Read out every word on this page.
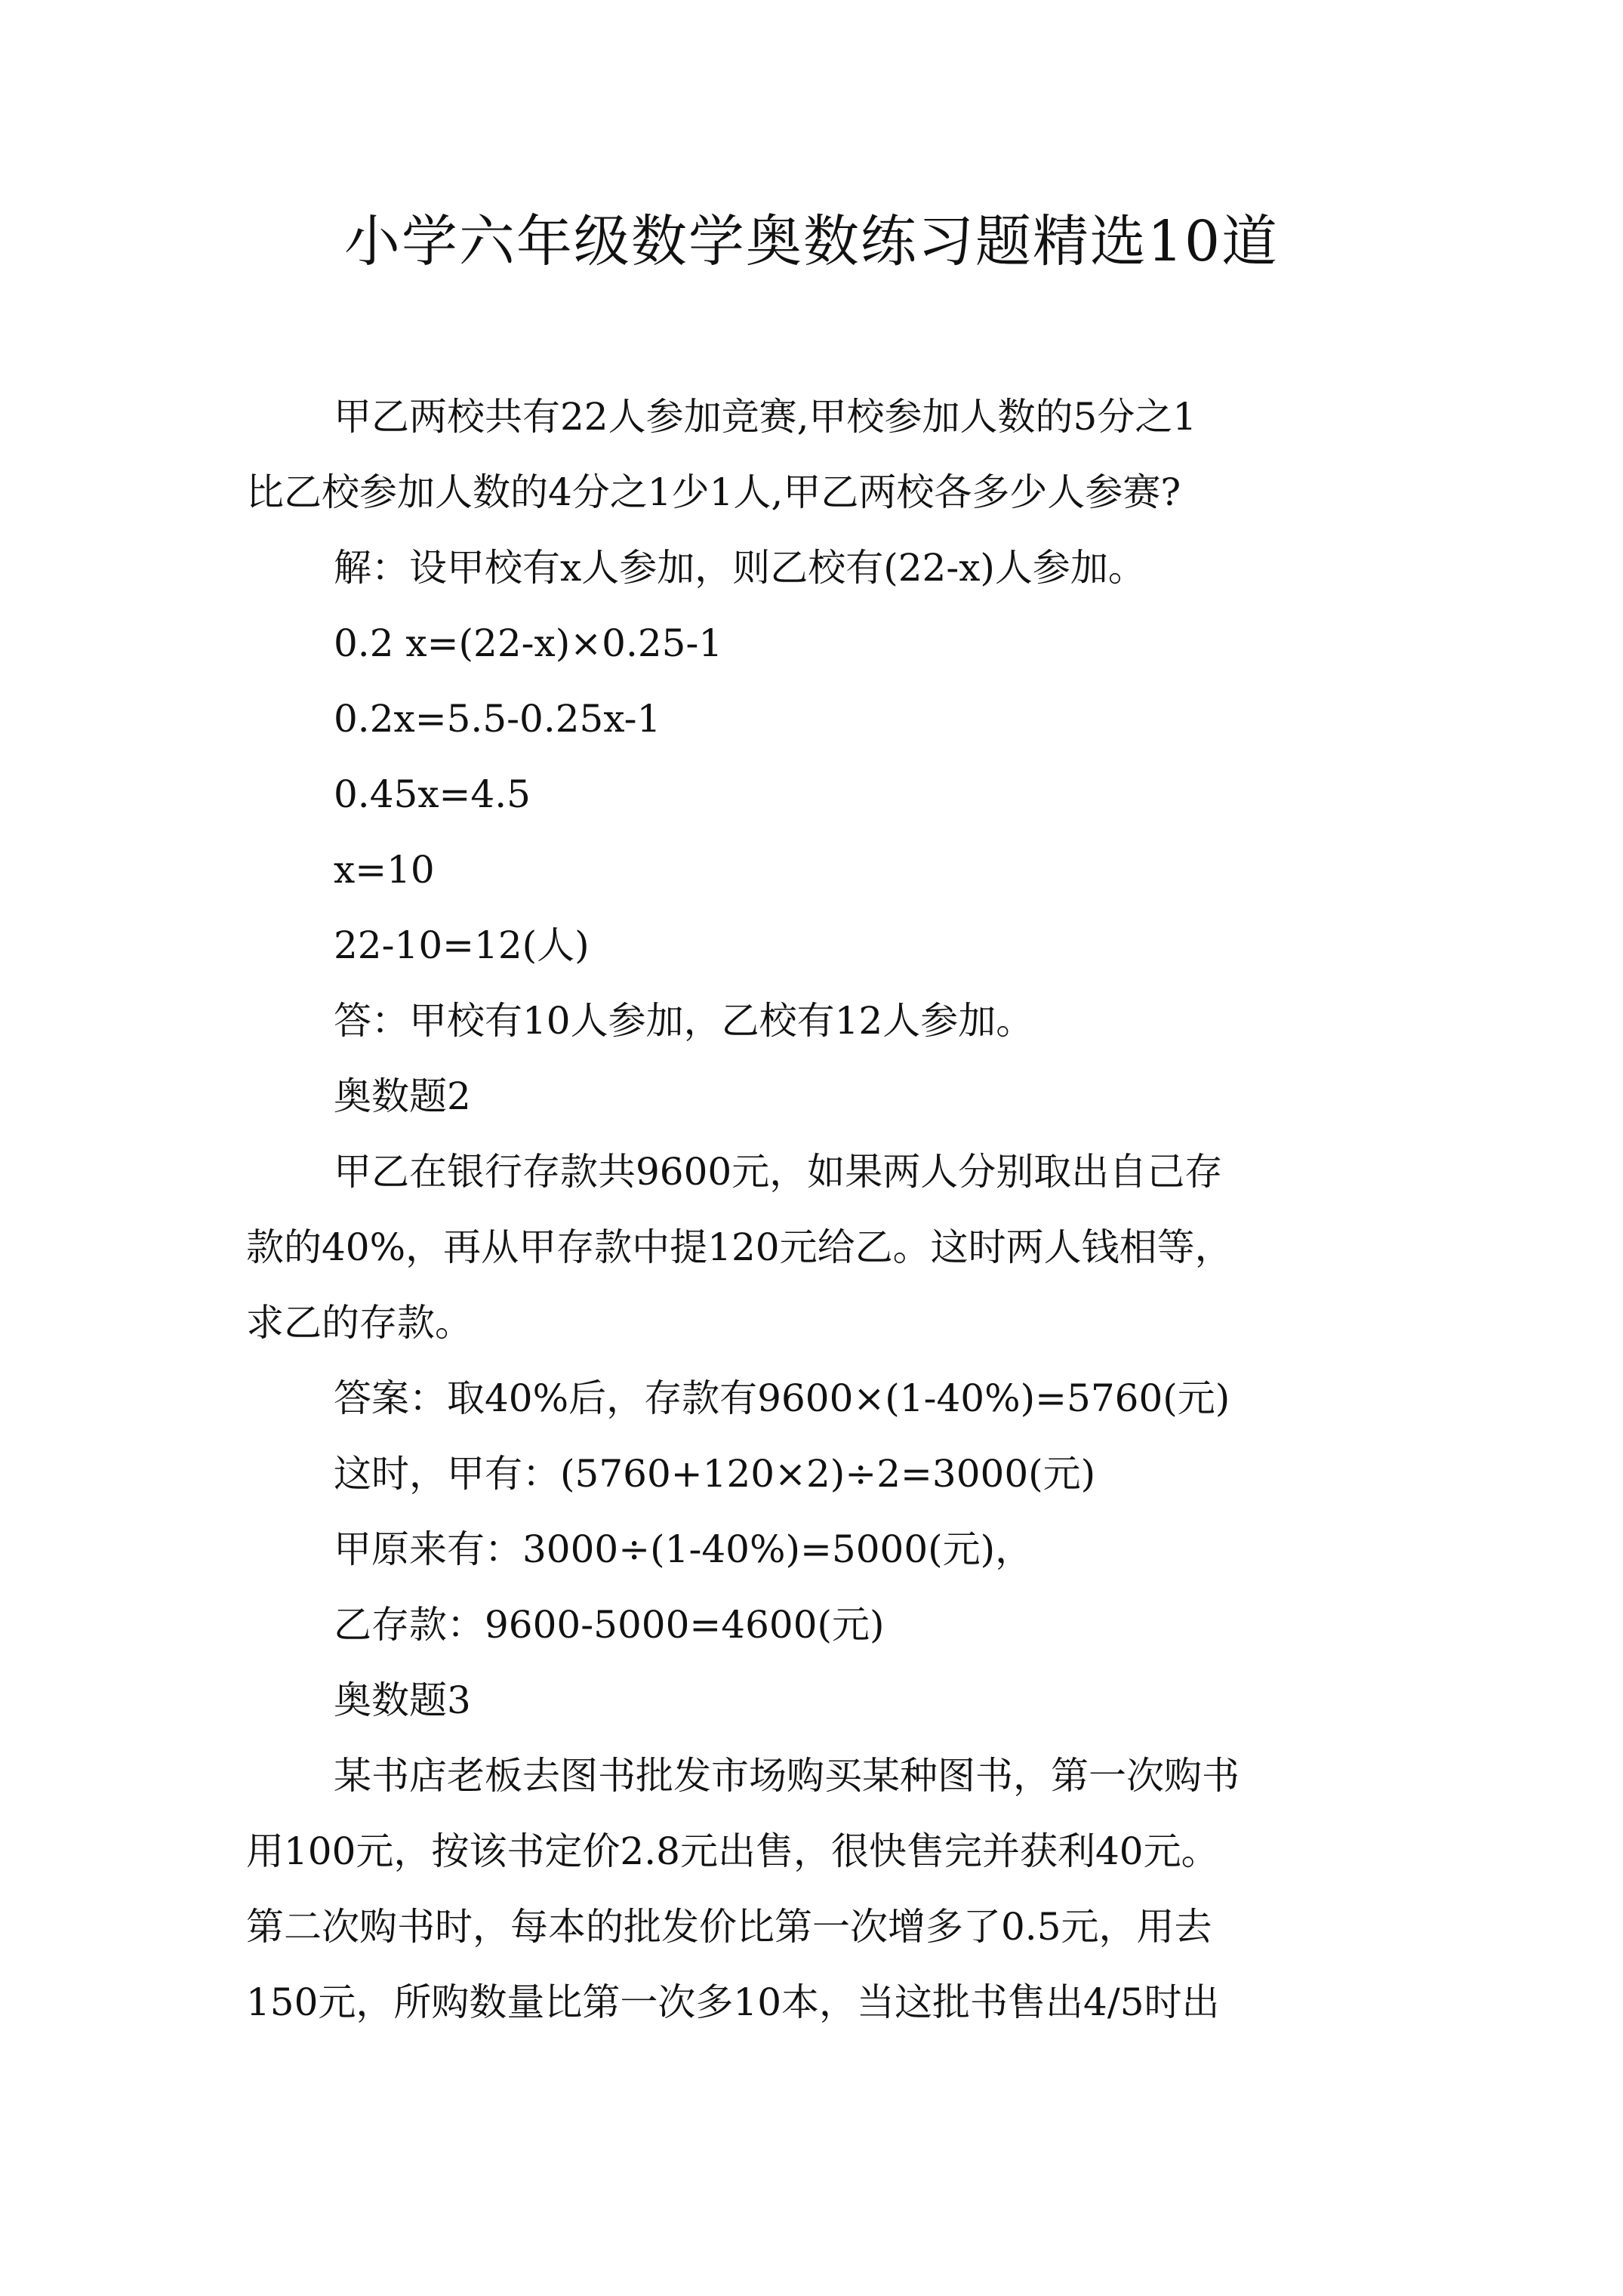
小学六年级数学奥数练习题精选10道

甲乙两校共有22人参加竞赛,甲校参加人数的5分之1

比乙校参加人数的4分之1少1人,甲乙两校各多少人参赛?

解：设甲校有x人参加，则乙校有(22-x)人参加。

0.2 x=(22-x)×0.25-1

0.2x=5.5-0.25x-1

0.45x=4.5

x=10

22-10=12(人)

答：甲校有10人参加，乙校有12人参加。

奥数题2

甲乙在银行存款共9600元，如果两人分别取出自己存

款的40%，再从甲存款中提120元给乙。这时两人钱相等，

求乙的存款。

答案：取40%后，存款有9600×(1-40%)=5760(元)

这时，甲有：(5760+120×2)÷2=3000(元)

甲原来有：3000÷(1-40%)=5000(元)，

乙存款：9600-5000=4600(元)

奥数题3

某书店老板去图书批发市场购买某种图书，第一次购书

用100元，按该书定价2.8元出售，很快售完并获利40元。

第二次购书时，每本的批发价比第一次增多了0.5元，用去

150元，所购数量比第一次多10本，当这批书售出4/5时出
